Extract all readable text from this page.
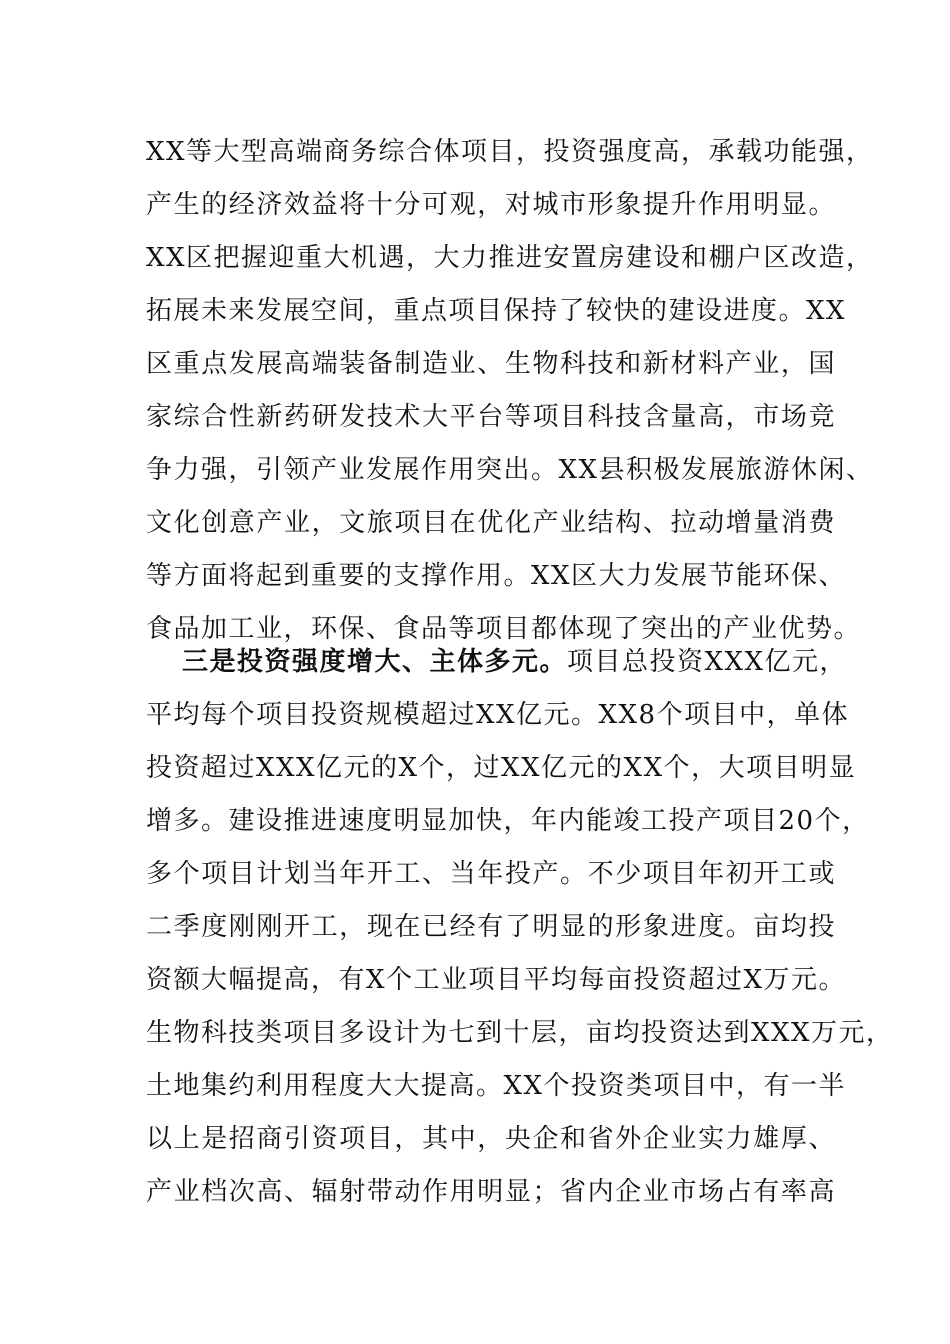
XX等大型高端商务综合体项目，投资强度高，承载功能强，
产生的经济效益将十分可观，对城市形象提升作用明显。
XX区把握迎重大机遇，大力推进安置房建设和棚户区改造，
拓展未来发展空间，重点项目保持了较快的建设进度。XX
区重点发展高端装备制造业、生物科技和新材料产业，国
家综合性新药研发技术大平台等项目科技含量高，市场竞
争力强，引领产业发展作用突出。XX县积极发展旅游休闲、
文化创意产业，文旅项目在优化产业结构、拉动增量消费
等方面将起到重要的支撑作用。XX区大力发展节能环保、
食品加工业，环保、食品等项目都体现了突出的产业优势。
三是投资强度增大、主体多元。项目总投资XXX亿元，
平均每个项目投资规模超过XX亿元。XX8个项目中，单体
投资超过XXX亿元的X个，过XX亿元的XX个，大项目明显
增多。建设推进速度明显加快，年内能竣工投产项目20个，
多个项目计划当年开工、当年投产。不少项目年初开工或
二季度刚刚开工，现在已经有了明显的形象进度。亩均投
资额大幅提高，有X个工业项目平均每亩投资超过X万元。
生物科技类项目多设计为七到十层，亩均投资达到XXX万元，
土地集约利用程度大大提高。XX个投资类项目中，有一半
以上是招商引资项目，其中，央企和省外企业实力雄厚、
产业档次高、辐射带动作用明显；省内企业市场占有率高
